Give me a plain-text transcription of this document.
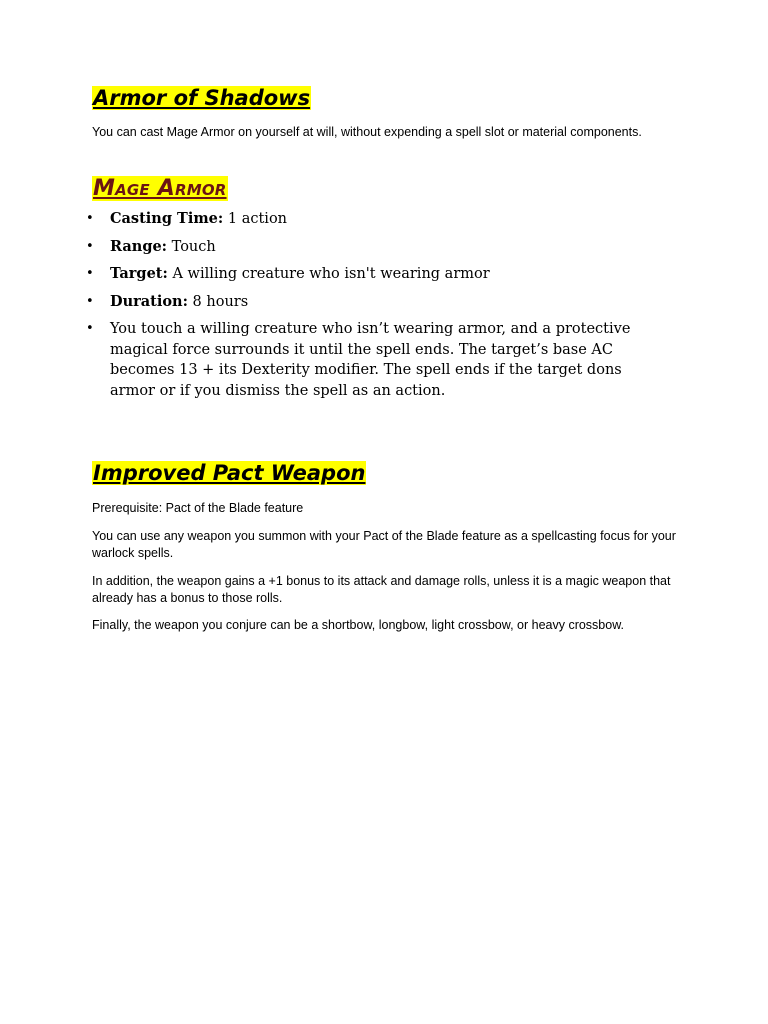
Armor of Shadows

You can cast Mage Armor on yourself at will, without expending a spell slot or material components.

Mage Armor
• Casting Time: 1 action
• Range: Touch
• Target: A willing creature who isn't wearing armor
• Duration: 8 hours
• You touch a willing creature who isn’t wearing armor, and a protective magical force surrounds it until the spell ends. The target’s base AC becomes 13 + its Dexterity modifier. The spell ends if the target dons armor or if you dismiss the spell as an action.
Improved Pact Weapon

Prerequisite: Pact of the Blade feature

You can use any weapon you summon with your Pact of the Blade feature as a spellcasting focus for your warlock spells.

In addition, the weapon gains a +1 bonus to its attack and damage rolls, unless it is a magic weapon that already has a bonus to those rolls.

Finally, the weapon you conjure can be a shortbow, longbow, light crossbow, or heavy crossbow.
